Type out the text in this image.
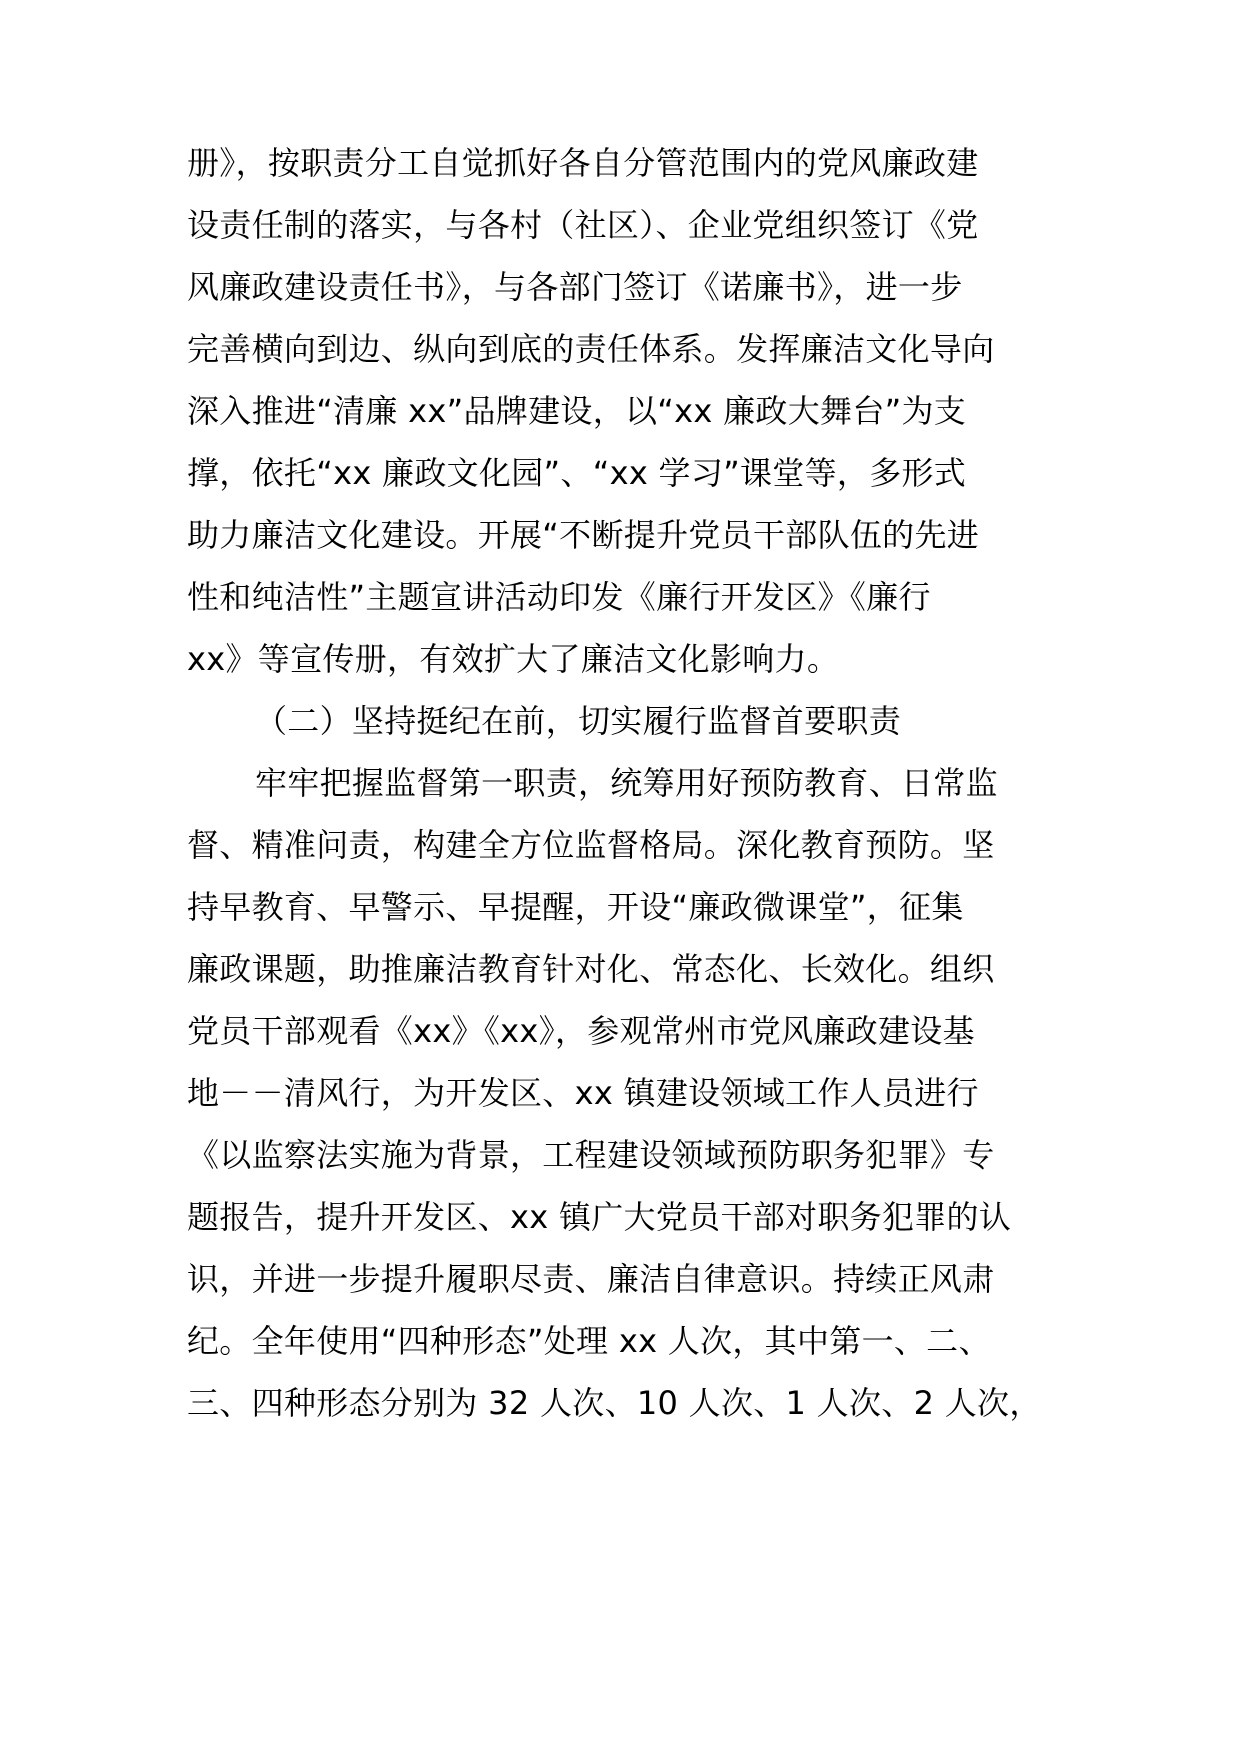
册》，按职责分工自觉抓好各自分管范围内的党风廉政建
设责任制的落实，与各村（社区）、企业党组织签订《党
风廉政建设责任书》，与各部门签订《诺廉书》，进一步
完善横向到边、纵向到底的责任体系。发挥廉洁文化导向
深入推进“清廉 xx”品牌建设，以“xx 廉政大舞台”为支
撑，依托“xx 廉政文化园”、“xx 学习”课堂等，多形式
助力廉洁文化建设。开展“不断提升党员干部队伍的先进
性和纯洁性”主题宣讲活动印发《廉行开发区》《廉行
xx》等宣传册，有效扩大了廉洁文化影响力。
（二）坚持挺纪在前，切实履行监督首要职责
牢牢把握监督第一职责，统筹用好预防教育、日常监
督、精准问责，构建全方位监督格局。深化教育预防。坚
持早教育、早警示、早提醒，开设“廉政微课堂”，征集
廉政课题，助推廉洁教育针对化、常态化、长效化。组织
党员干部观看《xx》《xx》，参观常州市党风廉政建设基
地－－清风行，为开发区、xx 镇建设领域工作人员进行
《以监察法实施为背景，工程建设领域预防职务犯罪》专
题报告，提升开发区、xx 镇广大党员干部对职务犯罪的认
识，并进一步提升履职尽责、廉洁自律意识。持续正风肃
纪。全年使用“四种形态”处理 xx 人次，其中第一、二、
三、四种形态分别为 32 人次、10 人次、1 人次、2 人次，
